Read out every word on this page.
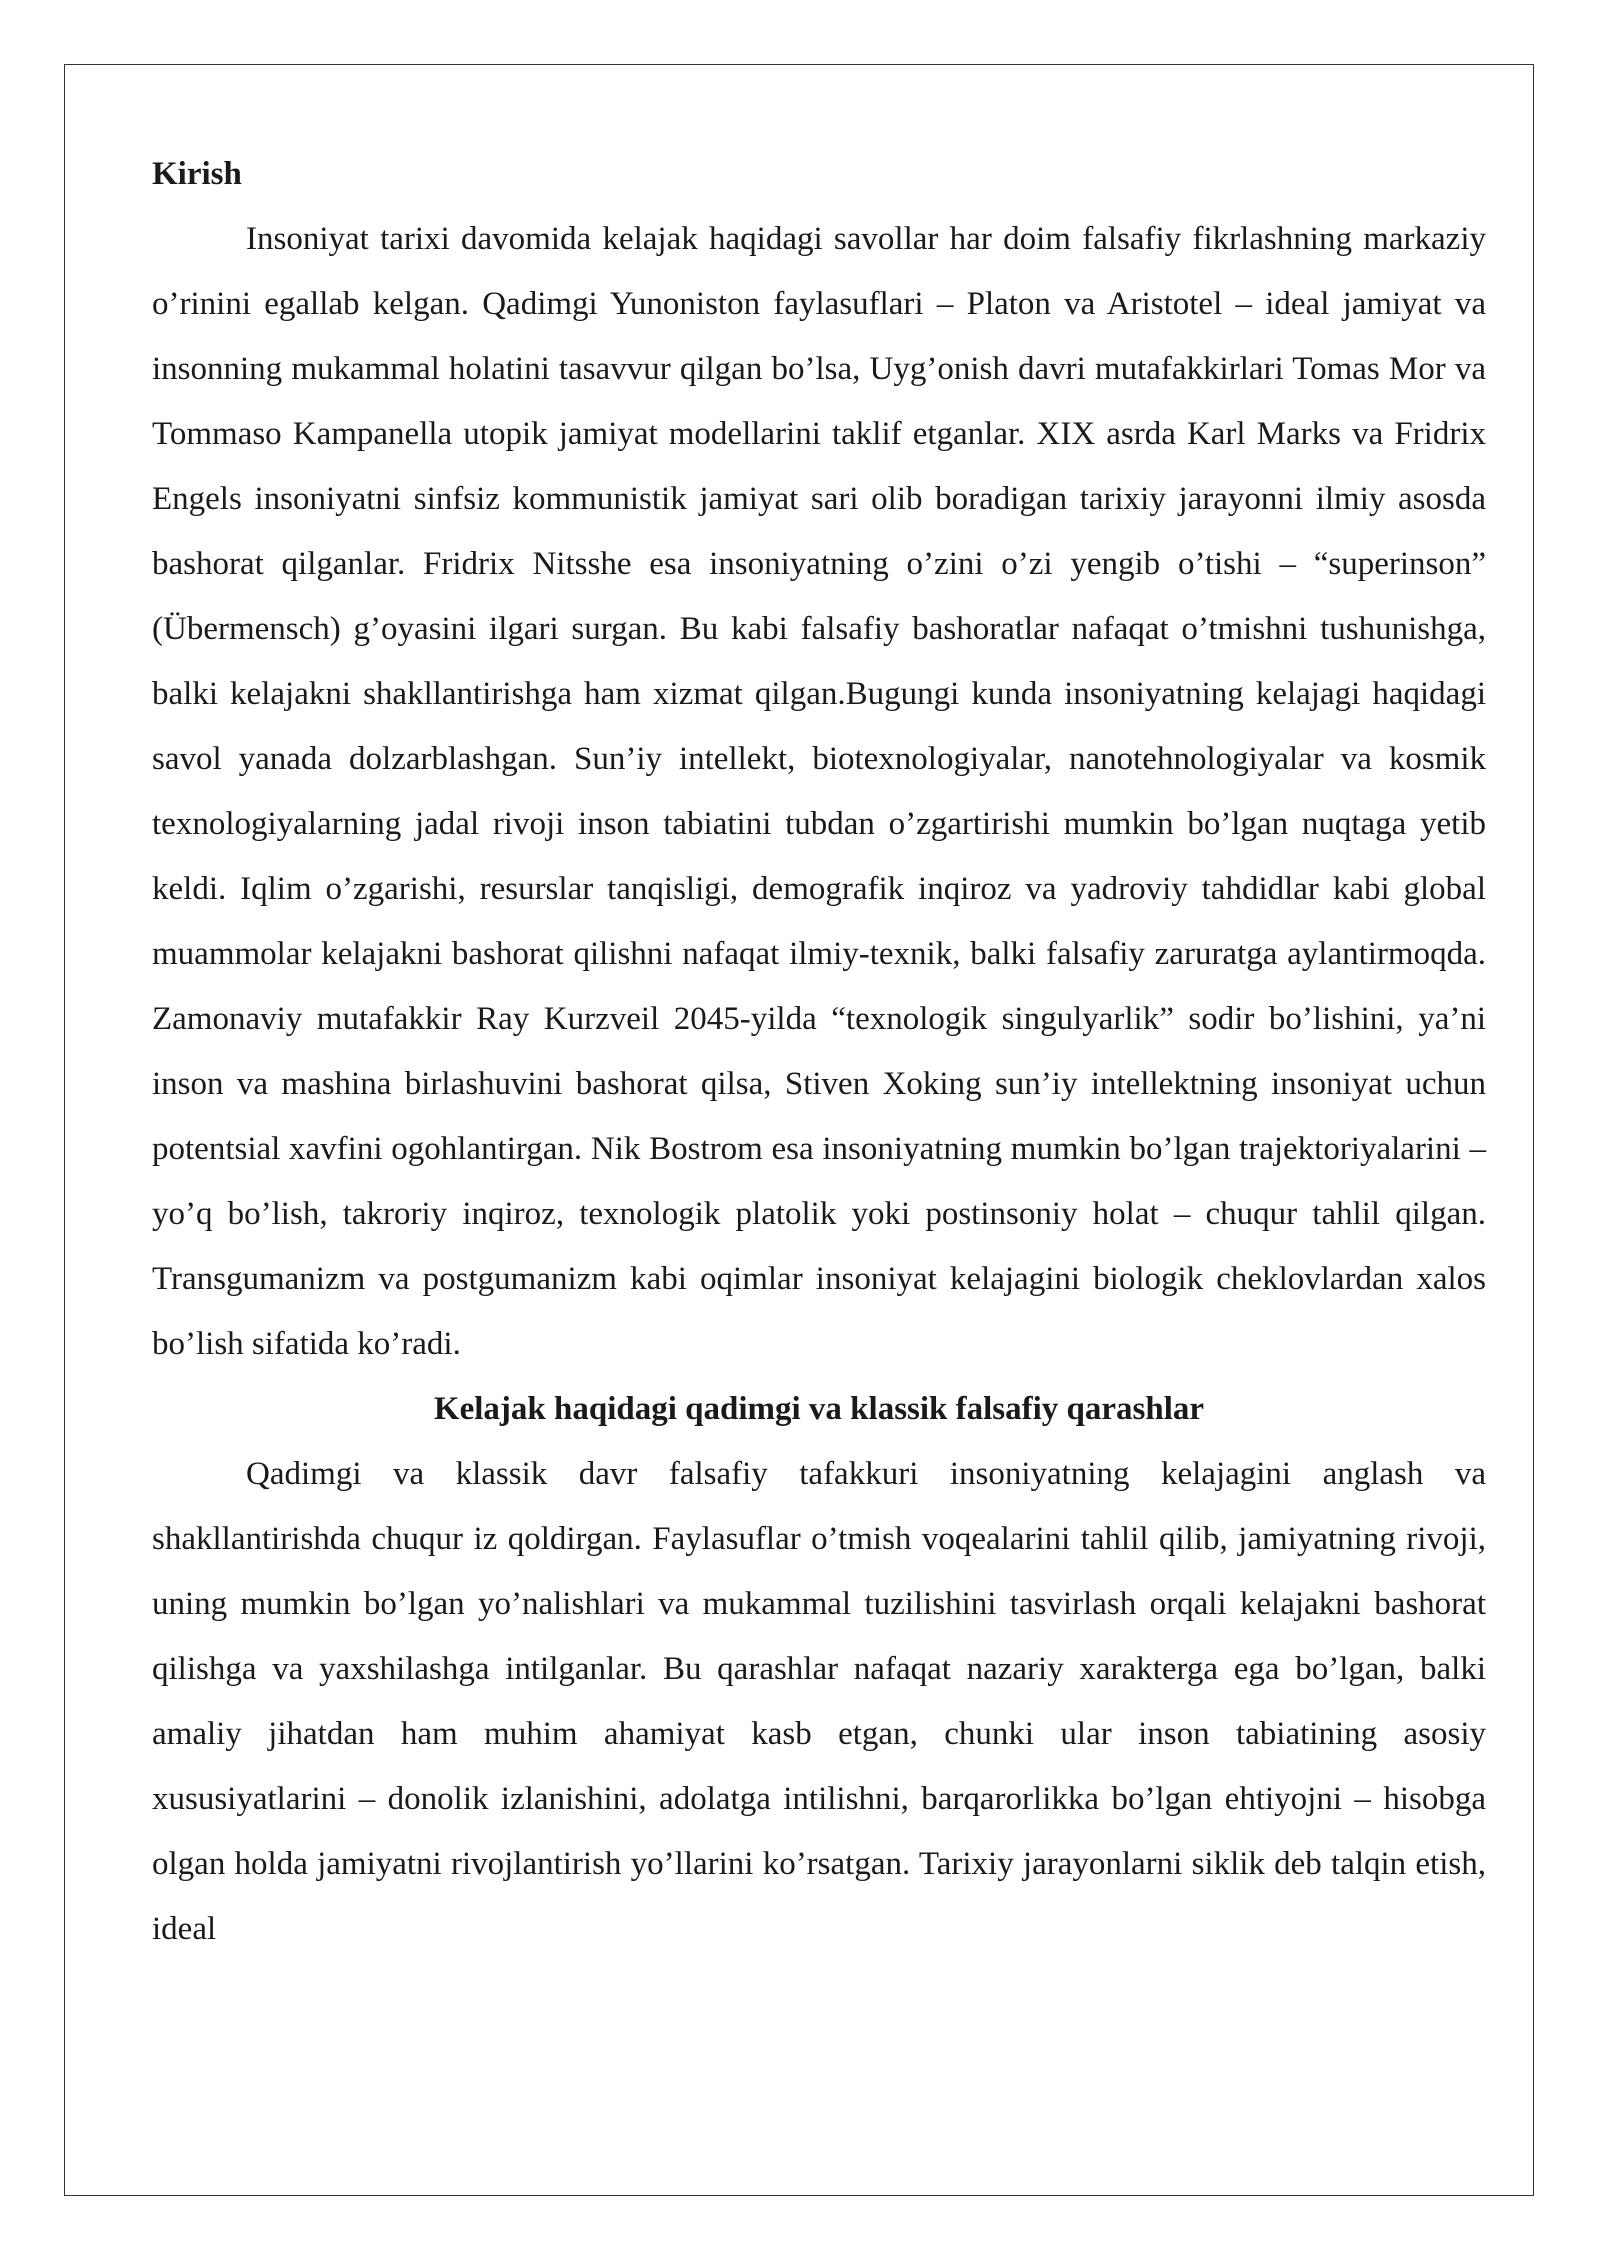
Kirish

Insoniyat tarixi davomida kelajak haqidagi savollar har doim falsafiy fikrlashning markaziy o’rinini egallab kelgan. Qadimgi Yunoniston faylasuflari – Platon va Aristotel – ideal jamiyat va insonning mukammal holatini tasavvur qilgan bo’lsa, Uyg’onish davri mutafakkirlari Tomas Mor va Tommaso Kampanella utopik jamiyat modellarini taklif etganlar. XIX asrda Karl Marks va Fridrix Engels insoniyatni sinfsiz kommunistik jamiyat sari olib boradigan tarixiy jarayonni ilmiy asosda bashorat qilganlar. Fridrix Nitsshe esa insoniyatning o’zini o’zi yengib o’tishi – “superinson” (Übermensch) g’oyasini ilgari surgan. Bu kabi falsafiy bashoratlar nafaqat o’tmishni tushunishga, balki kelajakni shakllantirishga ham xizmat qilgan.Bugungi kunda insoniyatning kelajagi haqidagi savol yanada dolzarblashgan. Sun’iy intellekt, biotexnologiyalar, nanotehnologiyalar va kosmik texnologiyalarning jadal rivoji inson tabiatini tubdan o’zgartirishi mumkin bo’lgan nuqtaga yetib keldi. Iqlim o’zgarishi, resurslar tanqisligi, demografik inqiroz va yadroviy tahdidlar kabi global muammolar kelajakni bashorat qilishni nafaqat ilmiy-texnik, balki falsafiy zaruratga aylantirmoqda. Zamonaviy mutafakkir Ray Kurzveil 2045-yilda “texnologik singulyarlik” sodir bo’lishini, ya’ni inson va mashina birlashuvini bashorat qilsa, Stiven Xoking sun’iy intellektning insoniyat uchun potentsial xavfini ogohlantirgan. Nik Bostrom esa insoniyatning mumkin bo’lgan trajektoriyalarini – yo’q bo’lish, takroriy inqiroz, texnologik platolik yoki postinsoniy holat – chuqur tahlil qilgan. Transgumanizm va postgumanizm kabi oqimlar insoniyat kelajagini biologik cheklovlardan xalos bo’lish sifatida ko’radi.

Kelajak haqidagi qadimgi va klassik falsafiy qarashlar

Qadimgi va klassik davr falsafiy tafakkuri insoniyatning kelajagini anglash va shakllantirishda chuqur iz qoldirgan. Faylasuflar o’tmish voqealarini tahlil qilib, jamiyatning rivoji, uning mumkin bo’lgan yo’nalishlari va mukammal tuzilishini tasvirlash orqali kelajakni bashorat qilishga va yaxshilashga intilganlar. Bu qarashlar nafaqat nazariy xarakterga ega bo’lgan, balki amaliy jihatdan ham muhim ahamiyat kasb etgan, chunki ular inson tabiatining asosiy xususiyatlarini – donolik izlanishini, adolatga intilishni, barqarorlikka bo’lgan ehtiyojni – hisobga olgan holda jamiyatni rivojlantirish yo’llarini ko’rsatgan. Tarixiy jarayonlarni siklik deb talqin etish, ideal
